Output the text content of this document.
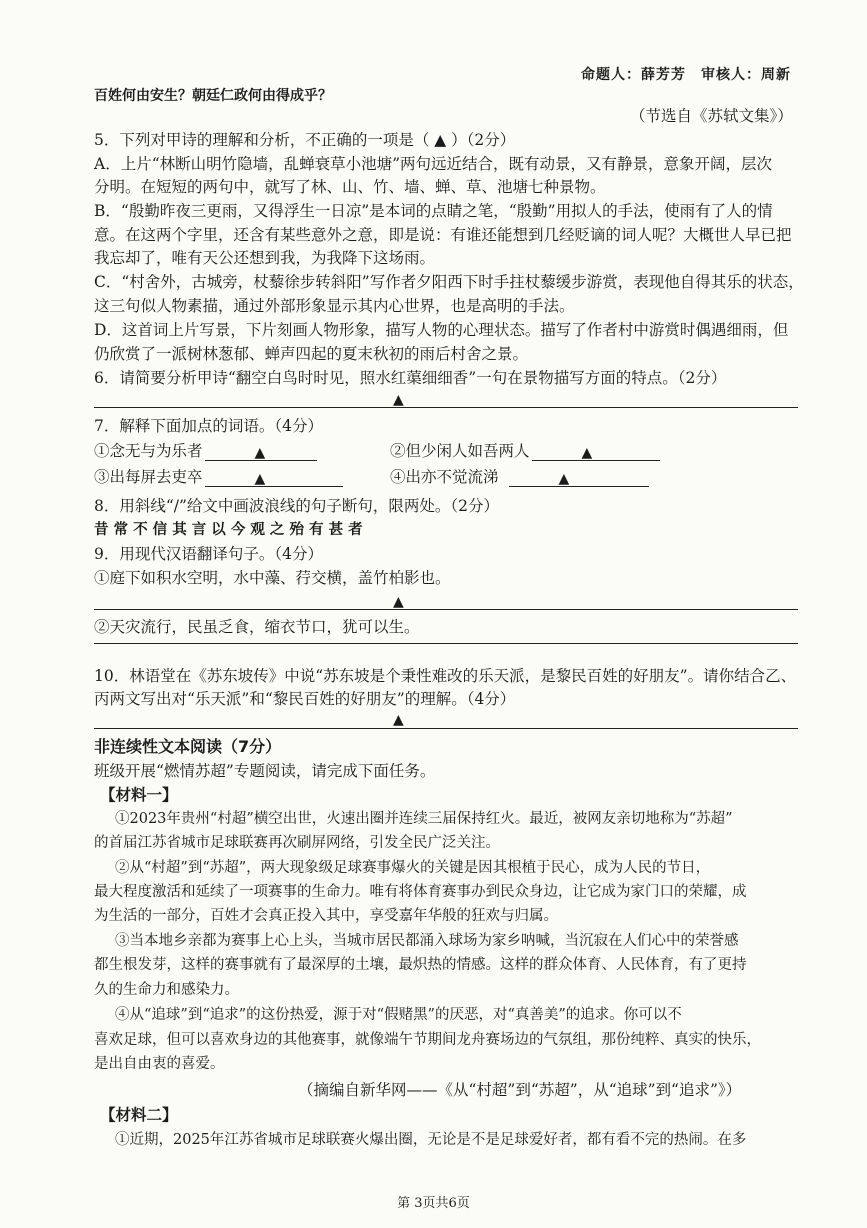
命题人：薛芳芳　审核人：周新
百姓何由安生？朝廷仁政何由得成乎？
（节选自《苏轼文集》）
5．下列对甲诗的理解和分析，不正确的一项是（ ▲ ）（2分）
A．上片“林断山明竹隐墙，乱蝉衰草小池塘”两句远近结合，既有动景，又有静景，意象开阔，层次
分明。在短短的两句中，就写了林、山、竹、墙、蝉、草、池塘七种景物。
B．“殷勤昨夜三更雨，又得浮生一日凉”是本词的点睛之笔，“殷勤”用拟人的手法，使雨有了人的情
意。在这两个字里，还含有某些意外之意，即是说：有谁还能想到几经贬谪的词人呢？大概世人早已把
我忘却了，唯有天公还想到我，为我降下这场雨。
C．“村舍外，古城旁，杖藜徐步转斜阳”写作者夕阳西下时手拄杖藜缓步游赏，表现他自得其乐的状态，
这三句似人物素描，通过外部形象显示其内心世界，也是高明的手法。
D．这首词上片写景，下片刻画人物形象，描写人物的心理状态。描写了作者村中游赏时偶遇细雨，但
仍欣赏了一派树林葱郁、蝉声四起的夏末秋初的雨后村舍之景。
6．请简要分析甲诗“翻空白鸟时时见，照水红蕖细细香”一句在景物描写方面的特点。（2分）
▲
7．解释下面加点的词语。（4分）
①念无与为乐者	▲	②但少闲人如吾两人	▲
③出每屏去吏卒	▲	④出亦不觉流涕	▲
8．用斜线“/”给文中画波浪线的句子断句，限两处。（2分）
昔 常 不 信 其 言 以 今 观 之 殆 有 甚 者
9．用现代汉语翻译句子。（4分）
①庭下如积水空明，水中藻、荇交横，盖竹柏影也。
▲
②天灾流行，民虽乏食，缩衣节口，犹可以生。
10．林语堂在《苏东坡传》中说“苏东坡是个秉性难改的乐天派，是黎民百姓的好朋友”。请你结合乙、
丙两文写出对“乐天派”和“黎民百姓的好朋友”的理解。（4分）
▲
非连续性文本阅读（7分）
班级开展“燃情苏超”专题阅读，请完成下面任务。
【材料一】
①2023年贵州“村超”横空出世，火速出圈并连续三届保持红火。最近，被网友亲切地称为“苏超”
的首届江苏省城市足球联赛再次刷屏网络，引发全民广泛关注。
②从“村超”到“苏超”，两大现象级足球赛事爆火的关键是因其根植于民心，成为人民的节日，
最大程度激活和延续了一项赛事的生命力。唯有将体育赛事办到民众身边，让它成为家门口的荣耀，成
为生活的一部分，百姓才会真正投入其中，享受嘉年华般的狂欢与归属。
③当本地乡亲都为赛事上心上头，当城市居民都涌入球场为家乡呐喊，当沉寂在人们心中的荣誉感
都生根发芽，这样的赛事就有了最深厚的土壤，最炽热的情感。这样的群众体育、人民体育，有了更持
久的生命力和感染力。
④从“追球”到“追求”的这份热爱，源于对“假赌黑”的厌恶，对“真善美”的追求。你可以不
喜欢足球，但可以喜欢身边的其他赛事，就像端午节期间龙舟赛场边的气氛组，那份纯粹、真实的快乐，
是出自由衷的喜爱。
（摘编自新华网——《从“村超”到“苏超”，从“追球”到“追求”》）
【材料二】
①近期，2025年江苏省城市足球联赛火爆出圈，无论是不是足球爱好者，都有看不完的热闹。在多
第 3页共6页
